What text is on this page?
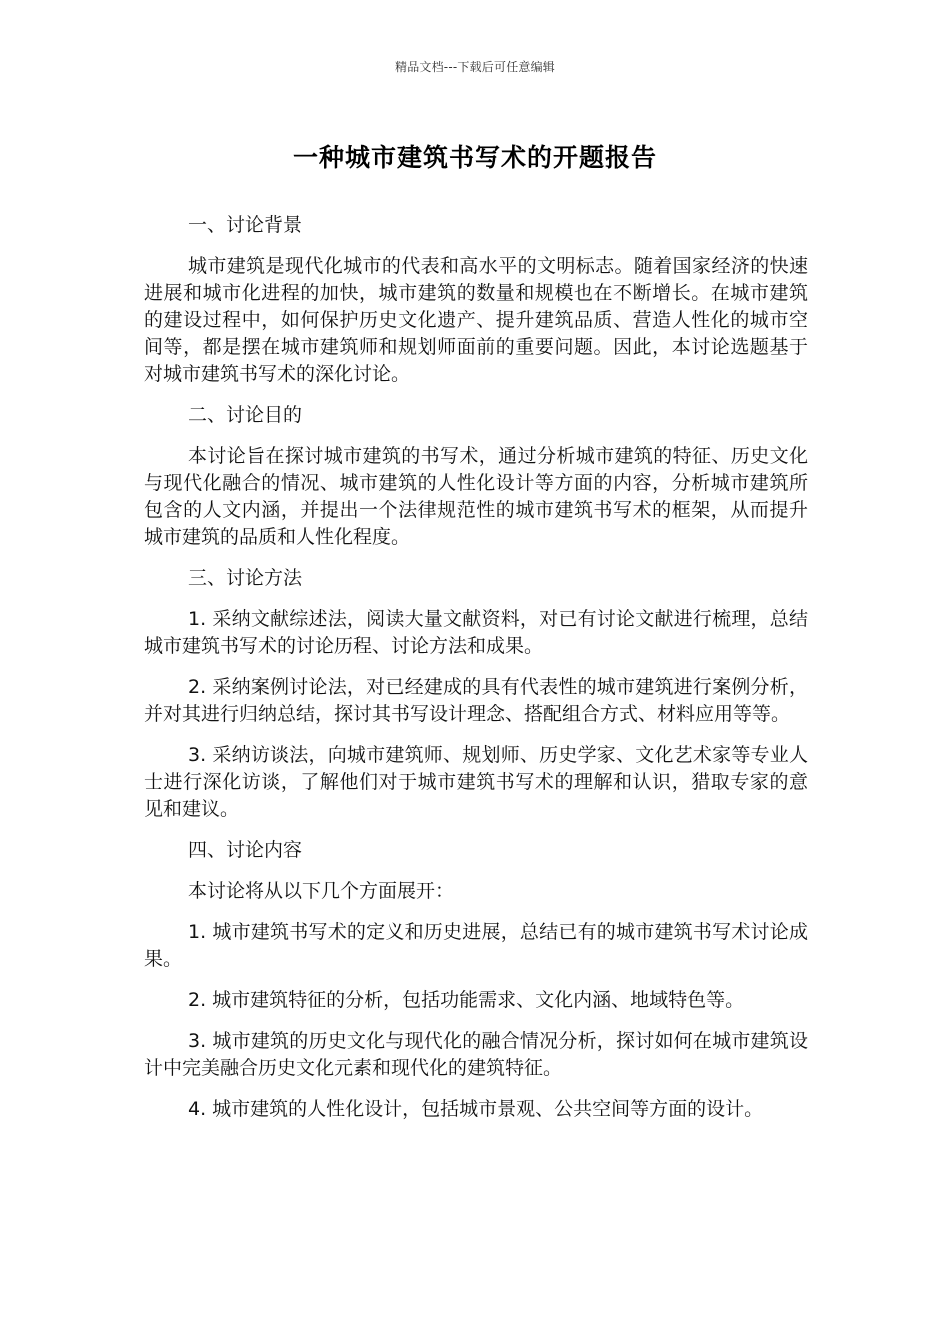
精品文档---下载后可任意编辑
一种城市建筑书写术的开题报告

一、讨论背景

城市建筑是现代化城市的代表和高水平的文明标志。随着国家经济的快速进展和城市化进程的加快，城市建筑的数量和规模也在不断增长。在城市建筑的建设过程中，如何保护历史文化遗产、提升建筑品质、营造人性化的城市空间等，都是摆在城市建筑师和规划师面前的重要问题。因此，本讨论选题基于对城市建筑书写术的深化讨论。

二、讨论目的

本讨论旨在探讨城市建筑的书写术，通过分析城市建筑的特征、历史文化与现代化融合的情况、城市建筑的人性化设计等方面的内容，分析城市建筑所包含的人文内涵，并提出一个法律规范性的城市建筑书写术的框架，从而提升城市建筑的品质和人性化程度。

三、讨论方法

1. 采纳文献综述法，阅读大量文献资料，对已有讨论文献进行梳理，总结城市建筑书写术的讨论历程、讨论方法和成果。

2. 采纳案例讨论法，对已经建成的具有代表性的城市建筑进行案例分析，并对其进行归纳总结，探讨其书写设计理念、搭配组合方式、材料应用等等。

3. 采纳访谈法，向城市建筑师、规划师、历史学家、文化艺术家等专业人士进行深化访谈，了解他们对于城市建筑书写术的理解和认识，猎取专家的意见和建议。

四、讨论内容

本讨论将从以下几个方面展开：

1. 城市建筑书写术的定义和历史进展，总结已有的城市建筑书写术讨论成果。

2. 城市建筑特征的分析，包括功能需求、文化内涵、地域特色等。

3. 城市建筑的历史文化与现代化的融合情况分析，探讨如何在城市建筑设计中完美融合历史文化元素和现代化的建筑特征。

4. 城市建筑的人性化设计，包括城市景观、公共空间等方面的设计。
